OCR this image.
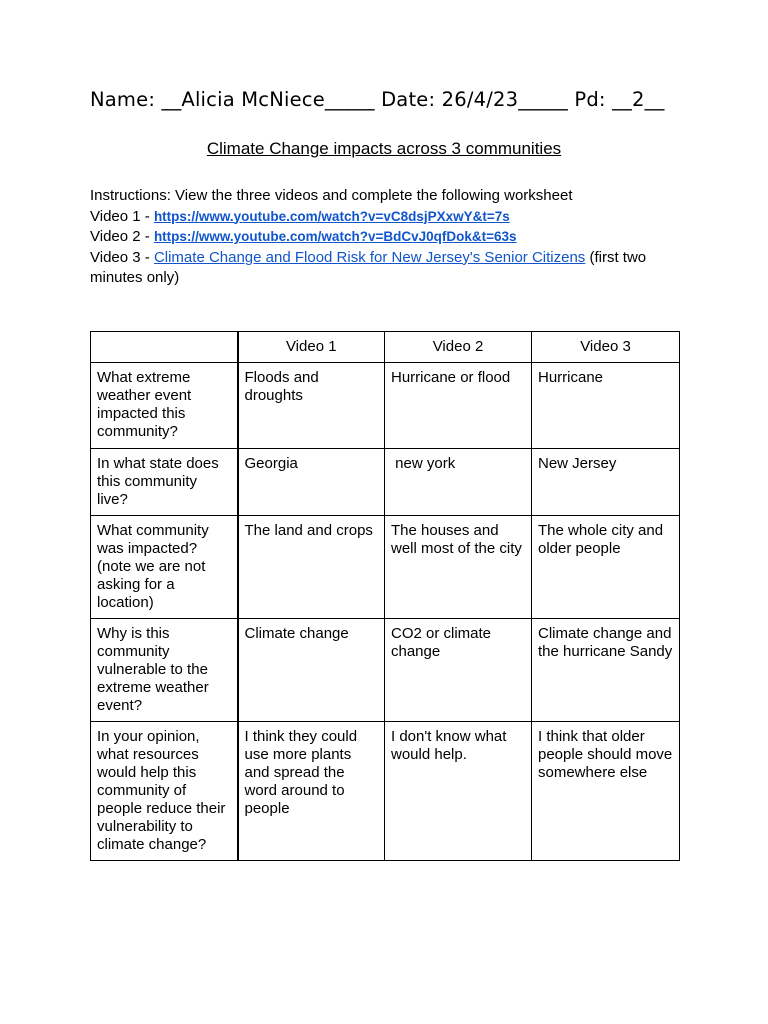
Name: __Alicia McNiece_____ Date: 26/4/23_____ Pd: __2__
Climate Change impacts across 3 communities
Instructions: View the three videos and complete the following worksheet
Video 1 - https://www.youtube.com/watch?v=vC8dsjPXxwY&t=7s
Video 2 - https://www.youtube.com/watch?v=BdCvJ0qfDok&t=63s
Video 3 - Climate Change and Flood Risk for New Jersey's Senior Citizens (first two minutes only)
	Video 1	Video 2	Video 3
What extreme weather event impacted this community?	Floods and droughts	Hurricane or flood	Hurricane
In what state does this community live?	Georgia	new york	New Jersey
What community was impacted? (note we are not asking for a location)	The land and crops	The houses and well most of the city	The whole city and older people
Why is this community vulnerable to the extreme weather event?	Climate change	CO2 or climate change	Climate change and the hurricane Sandy
In your opinion, what resources would help this community of people reduce their vulnerability to climate change?	I think they could use more plants and spread the word around to people	I don't know what would help.	I think that older people should move somewhere else
